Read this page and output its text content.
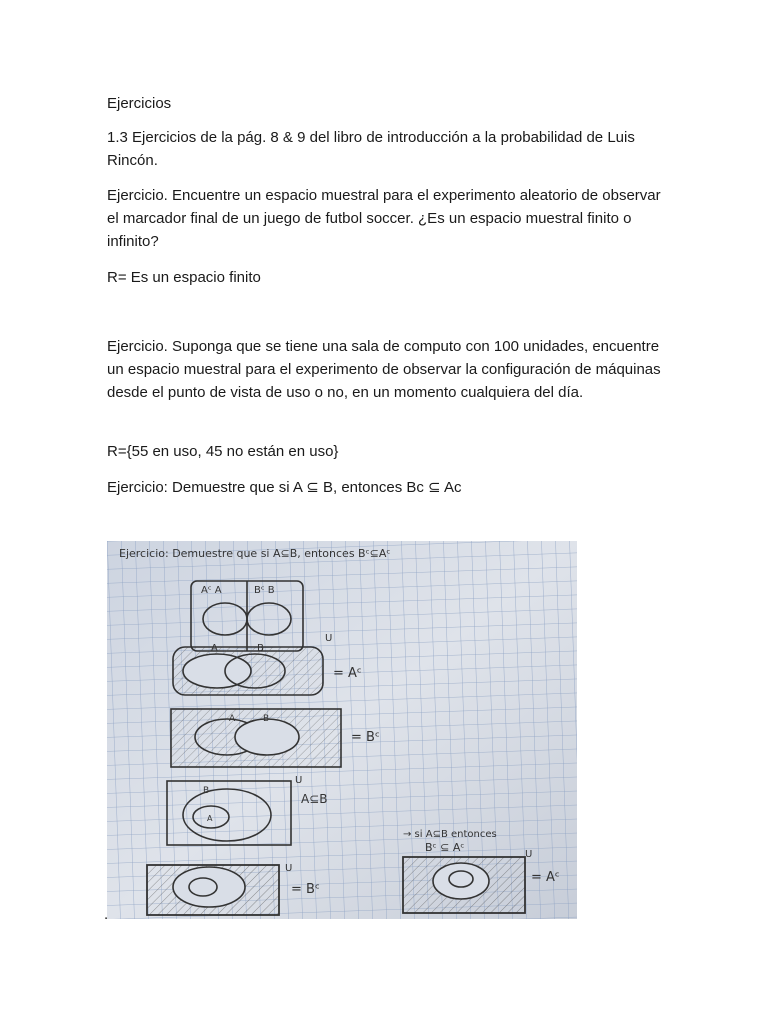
Ejercicios

1.3 Ejercicios de la pág. 8 & 9 del libro de introducción a la probabilidad de Luis Rincón.

Ejercicio. Encuentre un espacio muestral para el experimento aleatorio de observar el marcador final de un juego de futbol soccer. ¿Es un espacio muestral finito o infinito?

R= Es un espacio finito

Ejercicio. Suponga que se tiene una sala de computo con 100 unidades, encuentre un espacio muestral para el experimento de observar la configuración de máquinas desde el punto de vista de uso o no, en un momento cualquiera del día.

R={55 en uso, 45 no están en uso}

Ejercicio: Demuestre que si A ⊆ B, entonces Bc ⊆ Ac

Ejercicio: Demuestre que si A⊆B, entonces Bᶜ⊆Aᶜ
Aᶜ A	Bᶜ B
A	B
= Aᶜ
U
A	B
= Bᶜ
B
A
A⊆B
U
U
= Bᶜ
→ si A⊆B entonces
Bᶜ ⊆ Aᶜ
U
= Aᶜ
.
